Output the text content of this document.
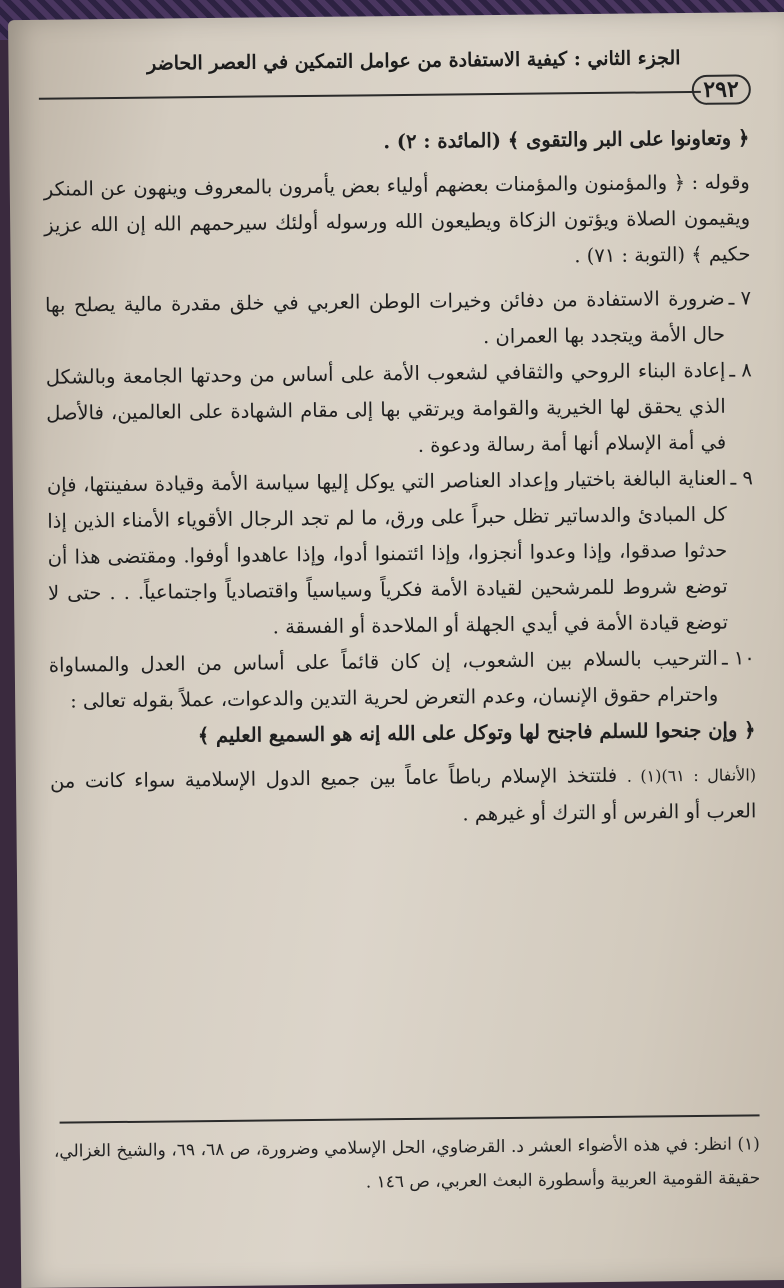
الجزء الثاني : كيفية الاستفادة من عوامل التمكين في العصر الحاضر
٢٩٢

﴿ وتعاونوا على البر والتقوى ﴾ (المائدة : ٢) .

وقوله : ﴿ والمؤمنون والمؤمنات بعضهم أولياء بعض يأمرون بالمعروف وينهون عن المنكر ويقيمون الصلاة ويؤتون الزكاة ويطيعون الله ورسوله أولئك سيرحمهم الله إن الله عزيز حكيم ﴾ (التوبة : ٧١) .

٧ ـ
ضرورة الاستفادة من دفائن وخيرات الوطن العربي في خلق مقدرة مالية يصلح بها حال الأمة ويتجدد بها العمران .
٨ ـ
إعادة البناء الروحي والثقافي لشعوب الأمة على أساس من وحدتها الجامعة وبالشكل الذي يحقق لها الخيرية والقوامة ويرتقي بها إلى مقام الشهادة على العالمين، فالأصل في أمة الإسلام أنها أمة رسالة ودعوة .
٩ ـ
العناية البالغة باختيار وإعداد العناصر التي يوكل إليها سياسة الأمة وقيادة سفينتها، فإن كل المبادئ والدساتير تظل حبراً على ورق، ما لم تجد الرجال الأقوياء الأمناء الذين إذا حدثوا صدقوا، وإذا وعدوا أنجزوا، وإذا ائتمنوا أدوا، وإذا عاهدوا أوفوا. ومقتضى هذا أن توضع شروط للمرشحين لقيادة الأمة فكرياً وسياسياً واقتصادياً واجتماعياً. . . حتى لا توضع قيادة الأمة في أيدي الجهلة أو الملاحدة أو الفسقة .
١٠ ـ
الترحيب بالسلام بين الشعوب، إن كان قائماً على أساس من العدل والمساواة واحترام حقوق الإنسان، وعدم التعرض لحرية التدين والدعوات، عملاً بقوله تعالى :

﴿ وإن جنحوا للسلم فاجنح لها وتوكل على الله إنه هو السميع العليم ﴾

(الأنفال : ٦١)(١) . فلتتخذ الإسلام رباطاً عاماً بين جميع الدول الإسلامية سواء كانت من العرب أو الفرس أو الترك أو غيرهم .

(١) انظر: في هذه الأضواء العشر د. القرضاوي، الحل الإسلامي وضرورة، ص ٦٨، ٦٩، والشيخ الغزالي، حقيقة القومية العربية وأسطورة البعث العربي، ص ١٤٦ .
